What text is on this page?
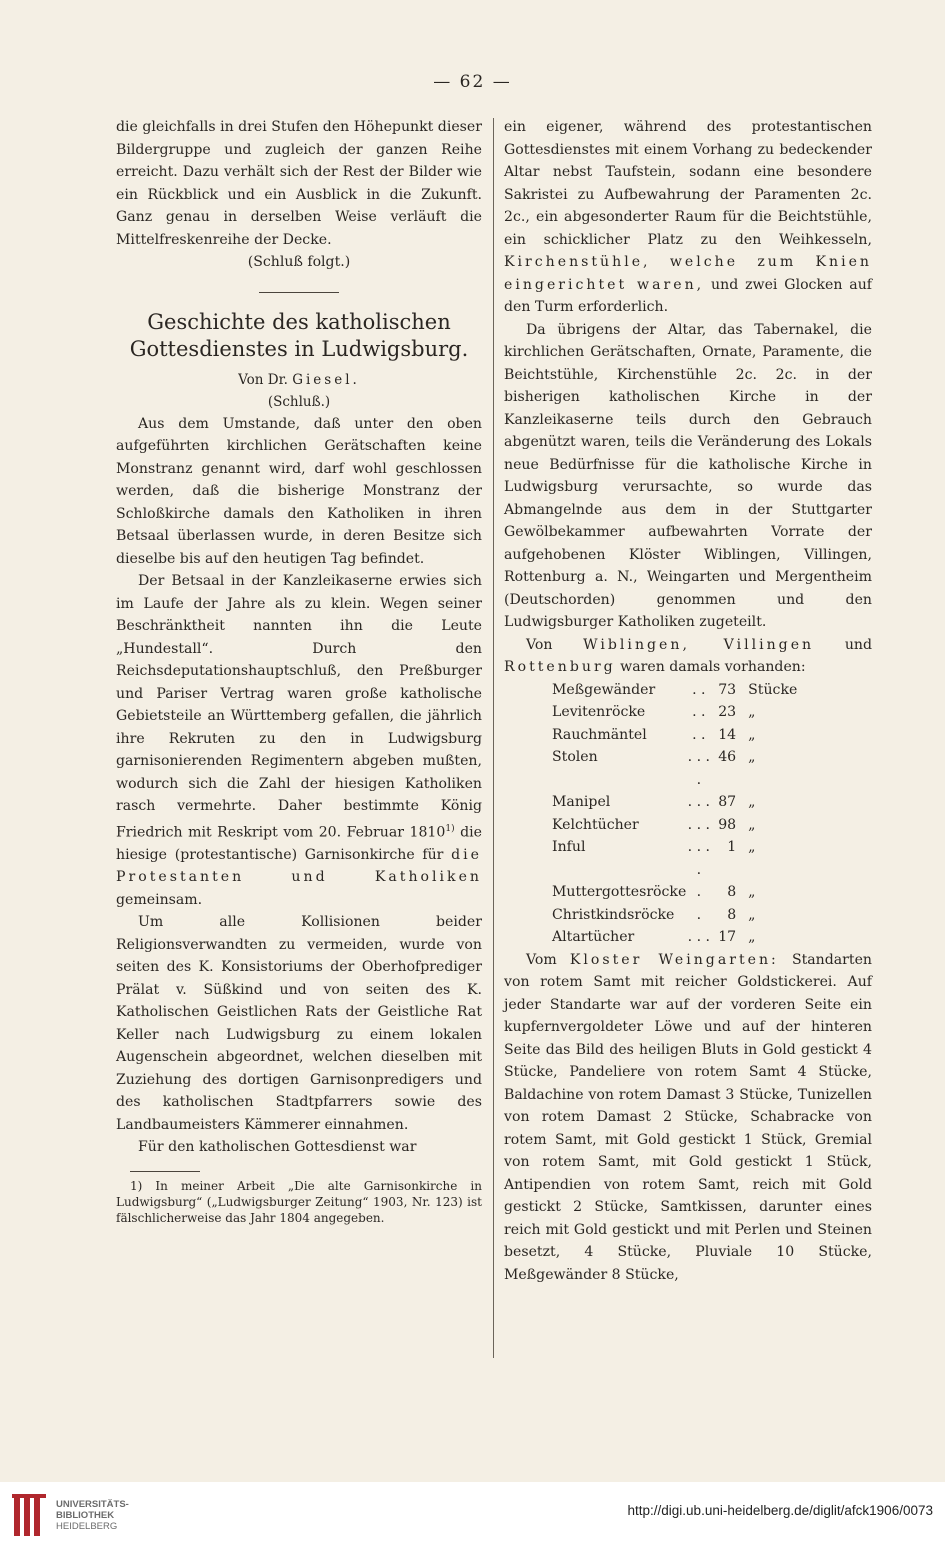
— 62 —

die gleichfalls in drei Stufen den Höhepunkt dieser Bildergruppe und zugleich der ganzen Reihe erreicht. Dazu verhält sich der Rest der Bilder wie ein Rückblick und ein Ausblick in die Zukunft. Ganz genau in derselben Weise verläuft die Mittelfreskenreihe der Decke.

(Schluß folgt.)

Geschichte des katholischen Gottesdienstes in Ludwigsburg.
Von Dr. Giesel.
(Schluß.)

Aus dem Umstande, daß unter den oben aufgeführten kirchlichen Gerätschaften keine Monstranz genannt wird, darf wohl geschlossen werden, daß die bisherige Monstranz der Schloßkirche damals den Katholiken in ihren Betsaal überlassen wurde, in deren Besitze sich dieselbe bis auf den heutigen Tag befindet.

Der Betsaal in der Kanzleikaserne erwies sich im Laufe der Jahre als zu klein. Wegen seiner Beschränktheit nannten ihn die Leute „Hundestall“. Durch den Reichsdeputationshauptschluß, den Preßburger und Pariser Vertrag waren große katholische Gebietsteile an Württemberg gefallen, die jährlich ihre Rekruten zu den in Ludwigsburg garnisonierenden Regimentern abgeben mußten, wodurch sich die Zahl der hiesigen Katholiken rasch vermehrte. Daher bestimmte König Friedrich mit Reskript vom 20. Februar 1810$^{1)}$ die hiesige (protestantische) Garnisonkirche für die Protestanten und Katholiken gemeinsam.

Um alle Kollisionen beider Religionsverwandten zu vermeiden, wurde von seiten des K. Konsistoriums der Oberhofprediger Prälat v. Süßkind und von seiten des K. Katholischen Geistlichen Rats der Geistliche Rat Keller nach Ludwigsburg zu einem lokalen Augenschein abgeordnet, welchen dieselben mit Zuziehung des dortigen Garnisonpredigers und des katholischen Stadtpfarrers sowie des Landbaumeisters Kämmerer einnahmen.

Für den katholischen Gottesdienst war

1) In meiner Arbeit „Die alte Garnisonkirche in Ludwigsburg“ („Ludwigsburger Zeitung“ 1903, Nr. 123) ist fälschlicherweise das Jahr 1804 angegeben.

ein eigener, während des protestantischen Gottesdienstes mit einem Vorhang zu bedeckender Altar nebst Taufstein, sodann eine besondere Sakristei zu Aufbewahrung der Paramenten 2c. 2c., ein abgesonderter Raum für die Beichtstühle, ein schicklicher Platz zu den Weihkesseln, Kirchenstühle, welche zum Knien eingerichtet waren, und zwei Glocken auf den Turm erforderlich.

Da übrigens der Altar, das Tabernakel, die kirchlichen Gerätschaften, Ornate, Paramente, die Beichtstühle, Kirchenstühle 2c. 2c. in der bisherigen katholischen Kirche in der Kanzleikaserne teils durch den Gebrauch abgenützt waren, teils die Veränderung des Lokals neue Bedürfnisse für die katholische Kirche in Ludwigsburg verursachte, so wurde das Abmangelnde aus dem in der Stuttgarter Gewölbekammer aufbewahrten Vorrate der aufgehobenen Klöster Wiblingen, Villingen, Rottenburg a. N., Weingarten und Mergentheim (Deutschorden) genommen und den Ludwigsburger Katholiken zugeteilt.

Von Wiblingen, Villingen und Rottenburg waren damals vorhanden:

Meßgewänder	. .	73	Stücke
Levitenröcke	. .	23	„
Rauchmäntel	. .	14	„
Stolen	. . . .	46	„
Manipel	. . .	87	„
Kelchtücher	. . .	98	„
Inful	. . . .	1	„
Muttergottesröcke	.	8	„
Christkindsröcke	.	8	„
Altartücher	. . .	17	„

Vom Kloster Weingarten: Standarten von rotem Samt mit reicher Goldstickerei. Auf jeder Standarte war auf der vorderen Seite ein kupfernvergoldeter Löwe und auf der hinteren Seite das Bild des heiligen Bluts in Gold gestickt 4 Stücke, Pandeliere von rotem Samt 4 Stücke, Baldachine von rotem Damast 3 Stücke, Tunizellen von rotem Damast 2 Stücke, Schabracke von rotem Samt, mit Gold gestickt 1 Stück, Gremial von rotem Samt, mit Gold gestickt 1 Stück, Antipendien von rotem Samt, reich mit Gold gestickt 2 Stücke, Samtkissen, darunter eines reich mit Gold gestickt und mit Perlen und Steinen besetzt, 4 Stücke, Pluviale 10 Stücke, Meßgewänder 8 Stücke,

UNIVERSITÄTS-
BIBLIOTHEK
HEIDELBERG
http://digi.ub.uni-heidelberg.de/diglit/afck1906/0073
